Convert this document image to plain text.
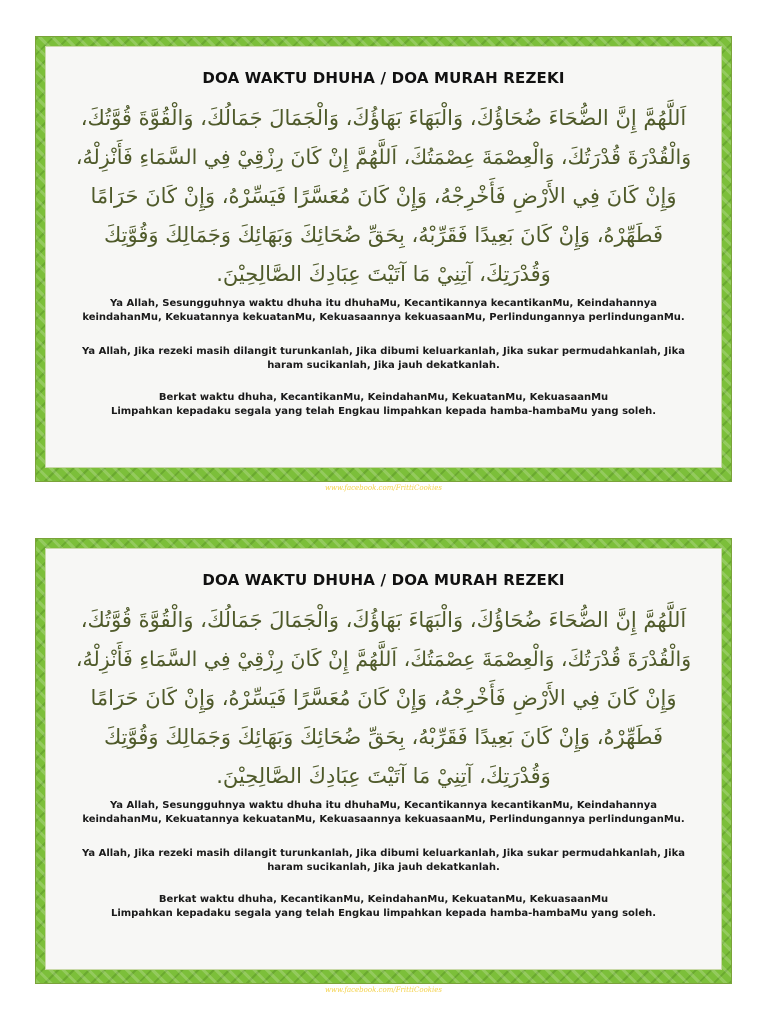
DOA WAKTU DHUHA / DOA MURAH REZEKI
اَللَّهُمَّ إِنَّ الضُّحَاءَ ضُحَاؤُكَ، وَالْبَهَاءَ بَهَاؤُكَ، وَالْجَمَالَ جَمَالُكَ، وَالْقُوَّةَ قُوَّتُكَ،
وَالْقُدْرَةَ قُدْرَتُكَ، وَالْعِصْمَةَ عِصْمَتُكَ، اَللَّهُمَّ إِنْ كَانَ رِزْقِيْ فِي السَّمَاءِ فَأَنْزِلْهُ،
وَإِنْ كَانَ فِي الأَرْضِ فَأَخْرِجْهُ، وَإِنْ كَانَ مُعَسَّرًا فَيَسِّرْهُ، وَإِنْ كَانَ حَرَامًا
فَطَهِّرْهُ، وَإِنْ كَانَ بَعِيدًا فَقَرِّبْهُ، بِحَقِّ ضُحَائِكَ وَبَهَائِكَ وَجَمَالِكَ وَقُوَّتِكَ
وَقُدْرَتِكَ، آتِنِيْ مَا آتَيْتَ عِبَادِكَ الصَّالِحِيْنَ.
Ya Allah, Sesungguhnya waktu dhuha itu dhuhaMu, Kecantikannya kecantikanMu, Keindahannya
keindahanMu, Kekuatannya kekuatanMu, Kekuasaannya kekuasaanMu, Perlindungannya perlindunganMu.
Ya Allah, Jika rezeki masih dilangit turunkanlah, Jika dibumi keluarkanlah, Jika sukar permudahkanlah, Jika
haram sucikanlah, Jika jauh dekatkanlah.
Berkat waktu dhuha, KecantikanMu, KeindahanMu, KekuatanMu, KekuasaanMu
Limpahkan kepadaku segala yang telah Engkau limpahkan kepada hamba-hambaMu yang soleh.
www.facebook.com/FrittiCookies
DOA WAKTU DHUHA / DOA MURAH REZEKI
اَللَّهُمَّ إِنَّ الضُّحَاءَ ضُحَاؤُكَ، وَالْبَهَاءَ بَهَاؤُكَ، وَالْجَمَالَ جَمَالُكَ، وَالْقُوَّةَ قُوَّتُكَ،
وَالْقُدْرَةَ قُدْرَتُكَ، وَالْعِصْمَةَ عِصْمَتُكَ، اَللَّهُمَّ إِنْ كَانَ رِزْقِيْ فِي السَّمَاءِ فَأَنْزِلْهُ،
وَإِنْ كَانَ فِي الأَرْضِ فَأَخْرِجْهُ، وَإِنْ كَانَ مُعَسَّرًا فَيَسِّرْهُ، وَإِنْ كَانَ حَرَامًا
فَطَهِّرْهُ، وَإِنْ كَانَ بَعِيدًا فَقَرِّبْهُ، بِحَقِّ ضُحَائِكَ وَبَهَائِكَ وَجَمَالِكَ وَقُوَّتِكَ
وَقُدْرَتِكَ، آتِنِيْ مَا آتَيْتَ عِبَادِكَ الصَّالِحِيْنَ.
Ya Allah, Sesungguhnya waktu dhuha itu dhuhaMu, Kecantikannya kecantikanMu, Keindahannya
keindahanMu, Kekuatannya kekuatanMu, Kekuasaannya kekuasaanMu, Perlindungannya perlindunganMu.
Ya Allah, Jika rezeki masih dilangit turunkanlah, Jika dibumi keluarkanlah, Jika sukar permudahkanlah, Jika
haram sucikanlah, Jika jauh dekatkanlah.
Berkat waktu dhuha, KecantikanMu, KeindahanMu, KekuatanMu, KekuasaanMu
Limpahkan kepadaku segala yang telah Engkau limpahkan kepada hamba-hambaMu yang soleh.
www.facebook.com/FrittiCookies
